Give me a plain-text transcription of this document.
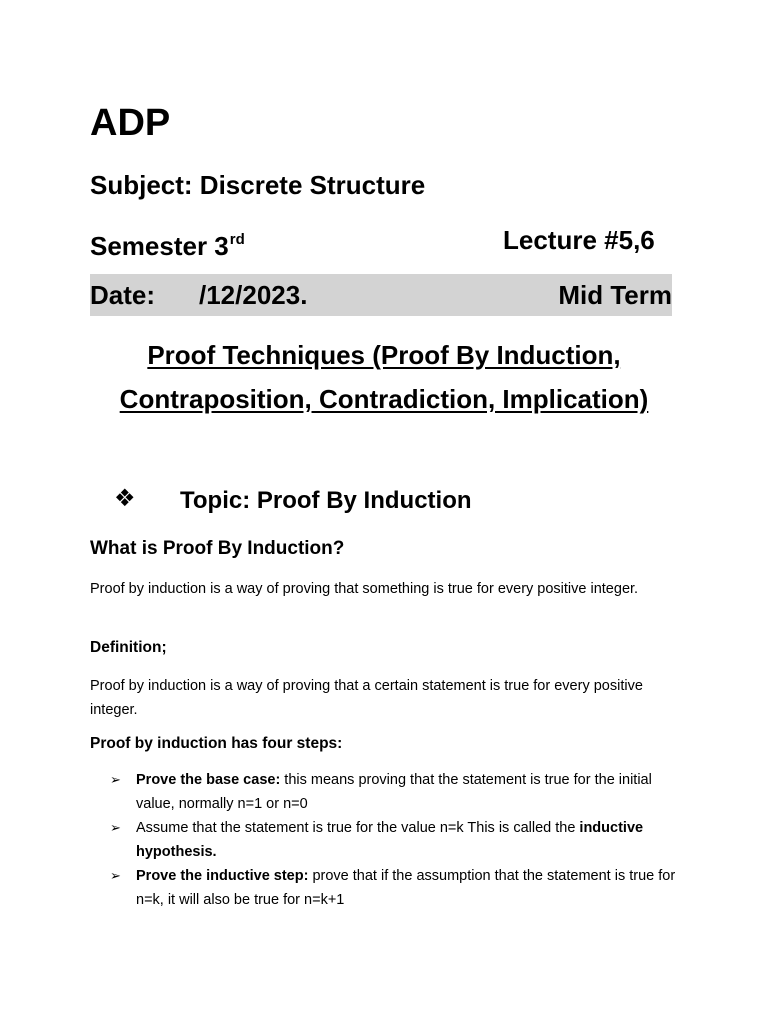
ADP
Subject: Discrete Structure
Semester 3rd	Lecture #5,6
Date: /12/2023.	Mid Term
Proof Techniques (Proof By Induction,
Contraposition, Contradiction, Implication)
❖ Topic: Proof By Induction
What is Proof By Induction?
Proof by induction is a way of proving that something is true for every positive integer.
Definition;
Proof by induction is a way of proving that a certain statement is true for every positive integer.
Proof by induction has four steps:
➢ Prove the base case: this means proving that the statement is true for the initial value, normally n=1 or n=0
➢ Assume that the statement is true for the value n=k This is called the inductive hypothesis.
➢ Prove the inductive step: prove that if the assumption that the statement is true for n=k, it will also be true for n=k+1
